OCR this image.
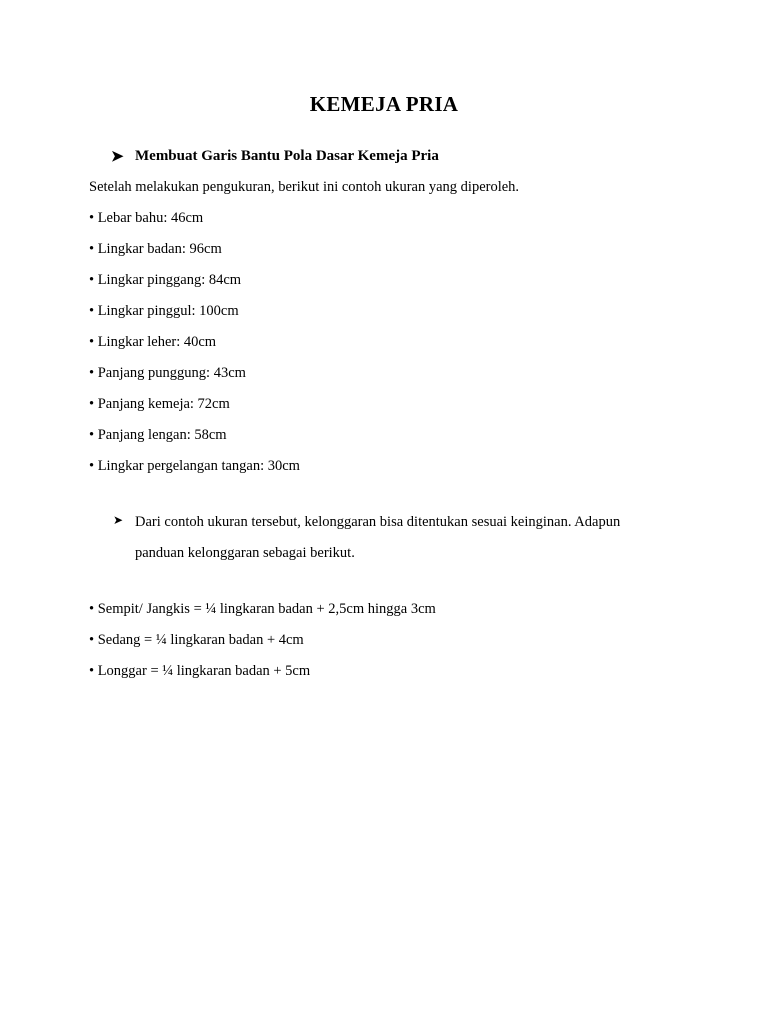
KEMEJA PRIA
➤ Membuat Garis Bantu Pola Dasar Kemeja Pria
Setelah melakukan pengukuran, berikut ini contoh ukuran yang diperoleh.
• Lebar bahu: 46cm
• Lingkar badan: 96cm
• Lingkar pinggang: 84cm
• Lingkar pinggul: 100cm
• Lingkar leher: 40cm
• Panjang punggung: 43cm
• Panjang kemeja: 72cm
• Panjang lengan: 58cm
• Lingkar pergelangan tangan: 30cm
➤ Dari contoh ukuran tersebut, kelonggaran bisa ditentukan sesuai keinginan. Adapun
panduan kelonggaran sebagai berikut.
• Sempit/ Jangkis = ¼ lingkaran badan + 2,5cm hingga 3cm
• Sedang = ¼ lingkaran badan + 4cm
• Longgar = ¼ lingkaran badan + 5cm
